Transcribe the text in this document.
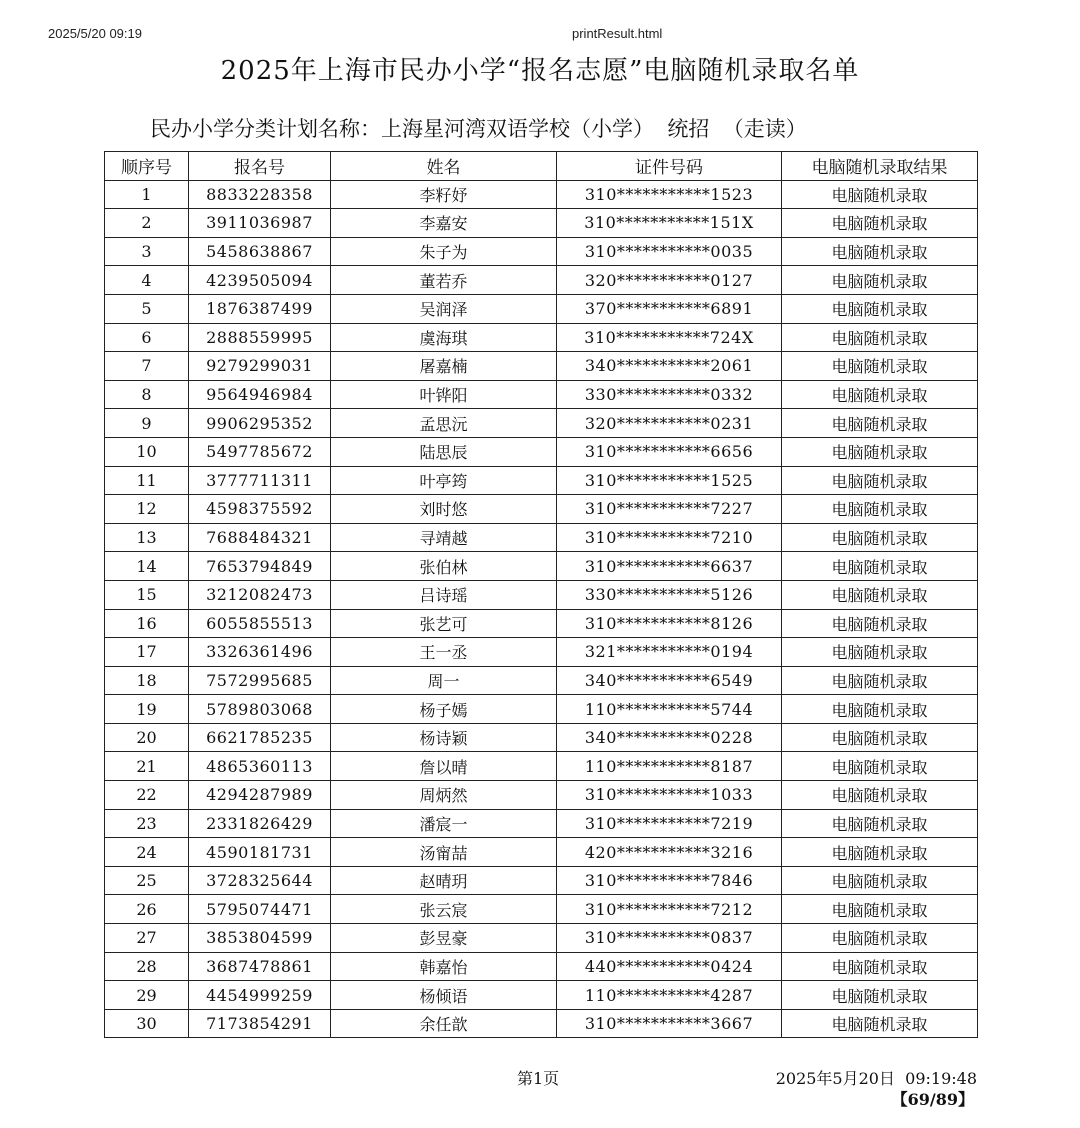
2025/5/20 09:19	printResult.html
2025年上海市民办小学“报名志愿”电脑随机录取名单
民办小学分类计划名称：上海星河湾双语学校（小学）  统招  （走读）
顺序号	报名号	姓名	证件号码	电脑随机录取结果
1	8833228358	李籽妤	310***********1523	电脑随机录取
2	3911036987	李嘉安	310***********151X	电脑随机录取
3	5458638867	朱子为	310***********0035	电脑随机录取
4	4239505094	董若乔	320***********0127	电脑随机录取
5	1876387499	吴润泽	370***********6891	电脑随机录取
6	2888559995	虞海琪	310***********724X	电脑随机录取
7	9279299031	屠嘉楠	340***********2061	电脑随机录取
8	9564946984	叶铧阳	330***********0332	电脑随机录取
9	9906295352	孟思沅	320***********0231	电脑随机录取
10	5497785672	陆思辰	310***********6656	电脑随机录取
11	3777711311	叶亭筠	310***********1525	电脑随机录取
12	4598375592	刘时悠	310***********7227	电脑随机录取
13	7688484321	寻靖越	310***********7210	电脑随机录取
14	7653794849	张伯林	310***********6637	电脑随机录取
15	3212082473	吕诗瑶	330***********5126	电脑随机录取
16	6055855513	张艺可	310***********8126	电脑随机录取
17	3326361496	王一丞	321***********0194	电脑随机录取
18	7572995685	周一	340***********6549	电脑随机录取
19	5789803068	杨子嫣	110***********5744	电脑随机录取
20	6621785235	杨诗颖	340***********0228	电脑随机录取
21	4865360113	詹以晴	110***********8187	电脑随机录取
22	4294287989	周炳然	310***********1033	电脑随机录取
23	2331826429	潘宸一	310***********7219	电脑随机录取
24	4590181731	汤甯喆	420***********3216	电脑随机录取
25	3728325644	赵晴玥	310***********7846	电脑随机录取
26	5795074471	张云宸	310***********7212	电脑随机录取
27	3853804599	彭昱豪	310***********0837	电脑随机录取
28	3687478861	韩嘉怡	440***********0424	电脑随机录取
29	4454999259	杨倾语	110***********4287	电脑随机录取
30	7173854291	余任歆	310***********3667	电脑随机录取
第1页	2025年5月20日  09:19:48
【69/89】
